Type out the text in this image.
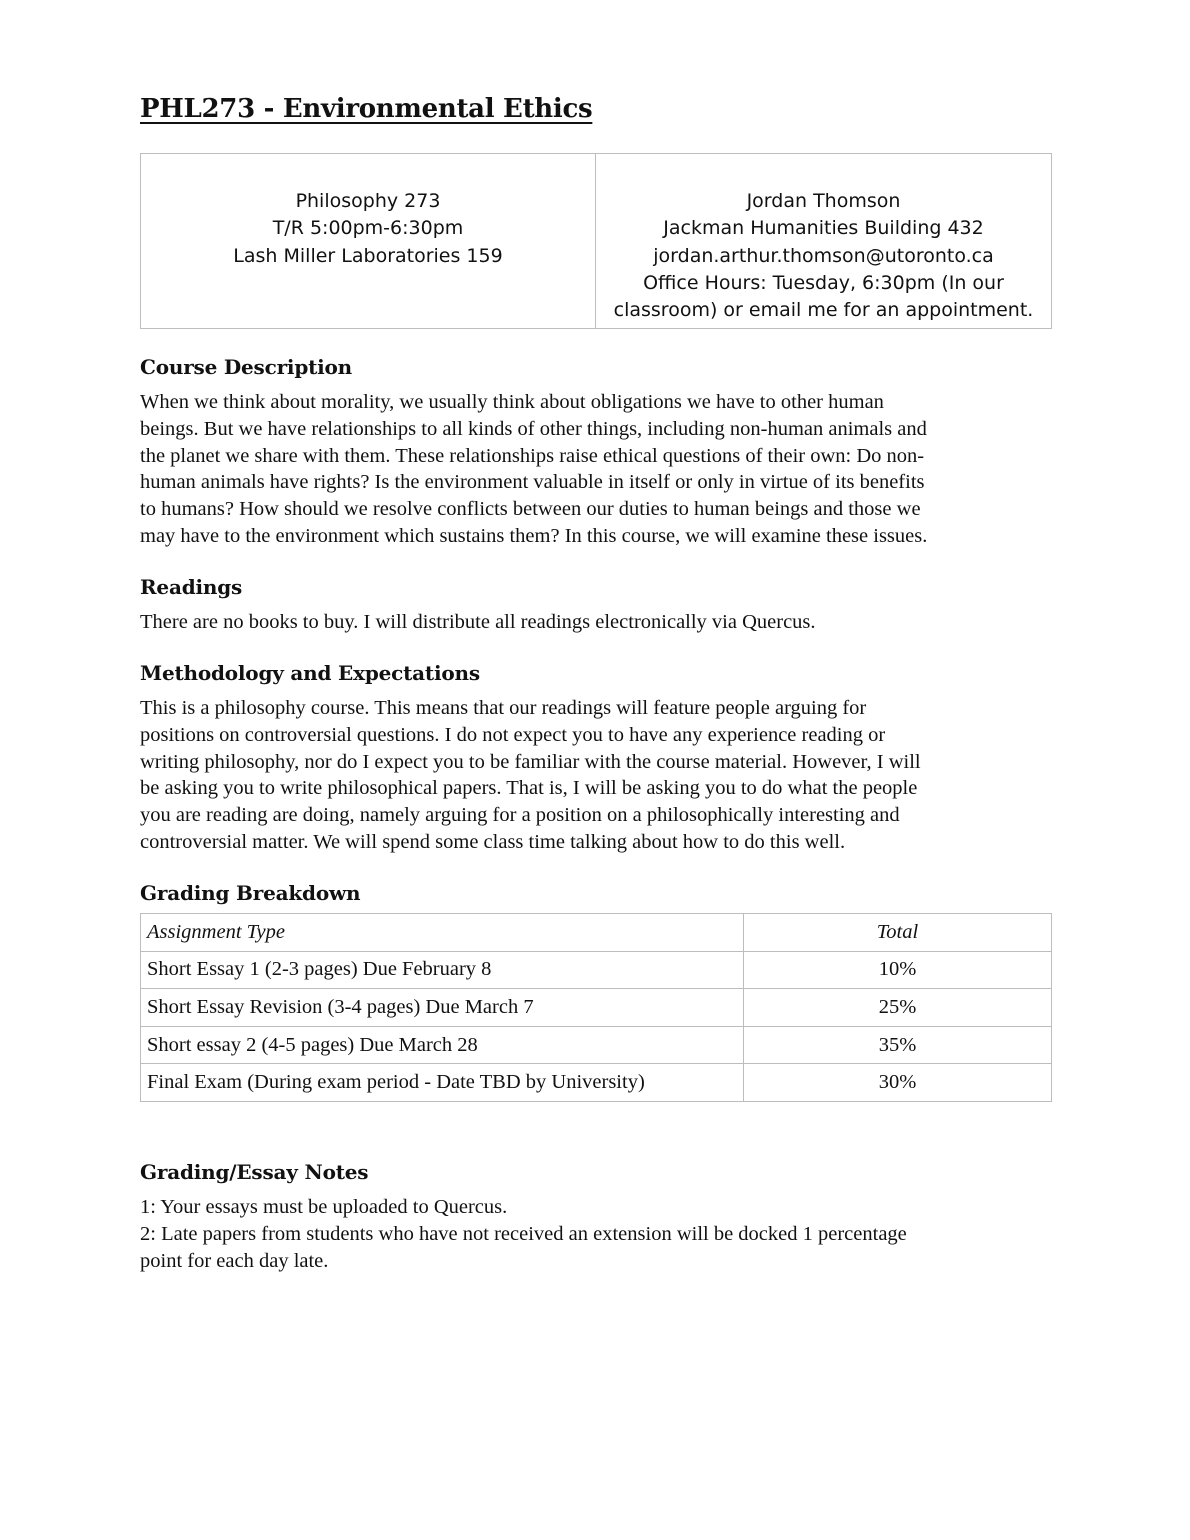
PHL273 - Environmental Ethics
Philosophy 273
T/R 5:00pm-6:30pm
Lash Miller Laboratories 159

Jordan Thomson
Jackman Humanities Building 432
jordan.arthur.thomson@utoronto.ca
Office Hours: Tuesday, 6:30pm (In our
classroom) or email me for an appointment.
Course Description
When we think about morality, we usually think about obligations we have to other human
beings. But we have relationships to all kinds of other things, including non-human animals and
the planet we share with them. These relationships raise ethical questions of their own: Do non-
human animals have rights? Is the environment valuable in itself or only in virtue of its benefits
to humans? How should we resolve conflicts between our duties to human beings and those we
may have to the environment which sustains them? In this course, we will examine these issues.
Readings
There are no books to buy. I will distribute all readings electronically via Quercus.
Methodology and Expectations
This is a philosophy course. This means that our readings will feature people arguing for
positions on controversial questions. I do not expect you to have any experience reading or
writing philosophy, nor do I expect you to be familiar with the course material. However, I will
be asking you to write philosophical papers. That is, I will be asking you to do what the people
you are reading are doing, namely arguing for a position on a philosophically interesting and
controversial matter. We will spend some class time talking about how to do this well.
Grading Breakdown
Assignment Type	Total
Short Essay 1 (2-3 pages) Due February 8	10%
Short Essay Revision (3-4 pages) Due March 7	25%
Short essay 2 (4-5 pages) Due March 28	35%
Final Exam (During exam period - Date TBD by University)	30%
Grading/Essay Notes
1: Your essays must be uploaded to Quercus.
2: Late papers from students who have not received an extension will be docked 1 percentage
point for each day late.
